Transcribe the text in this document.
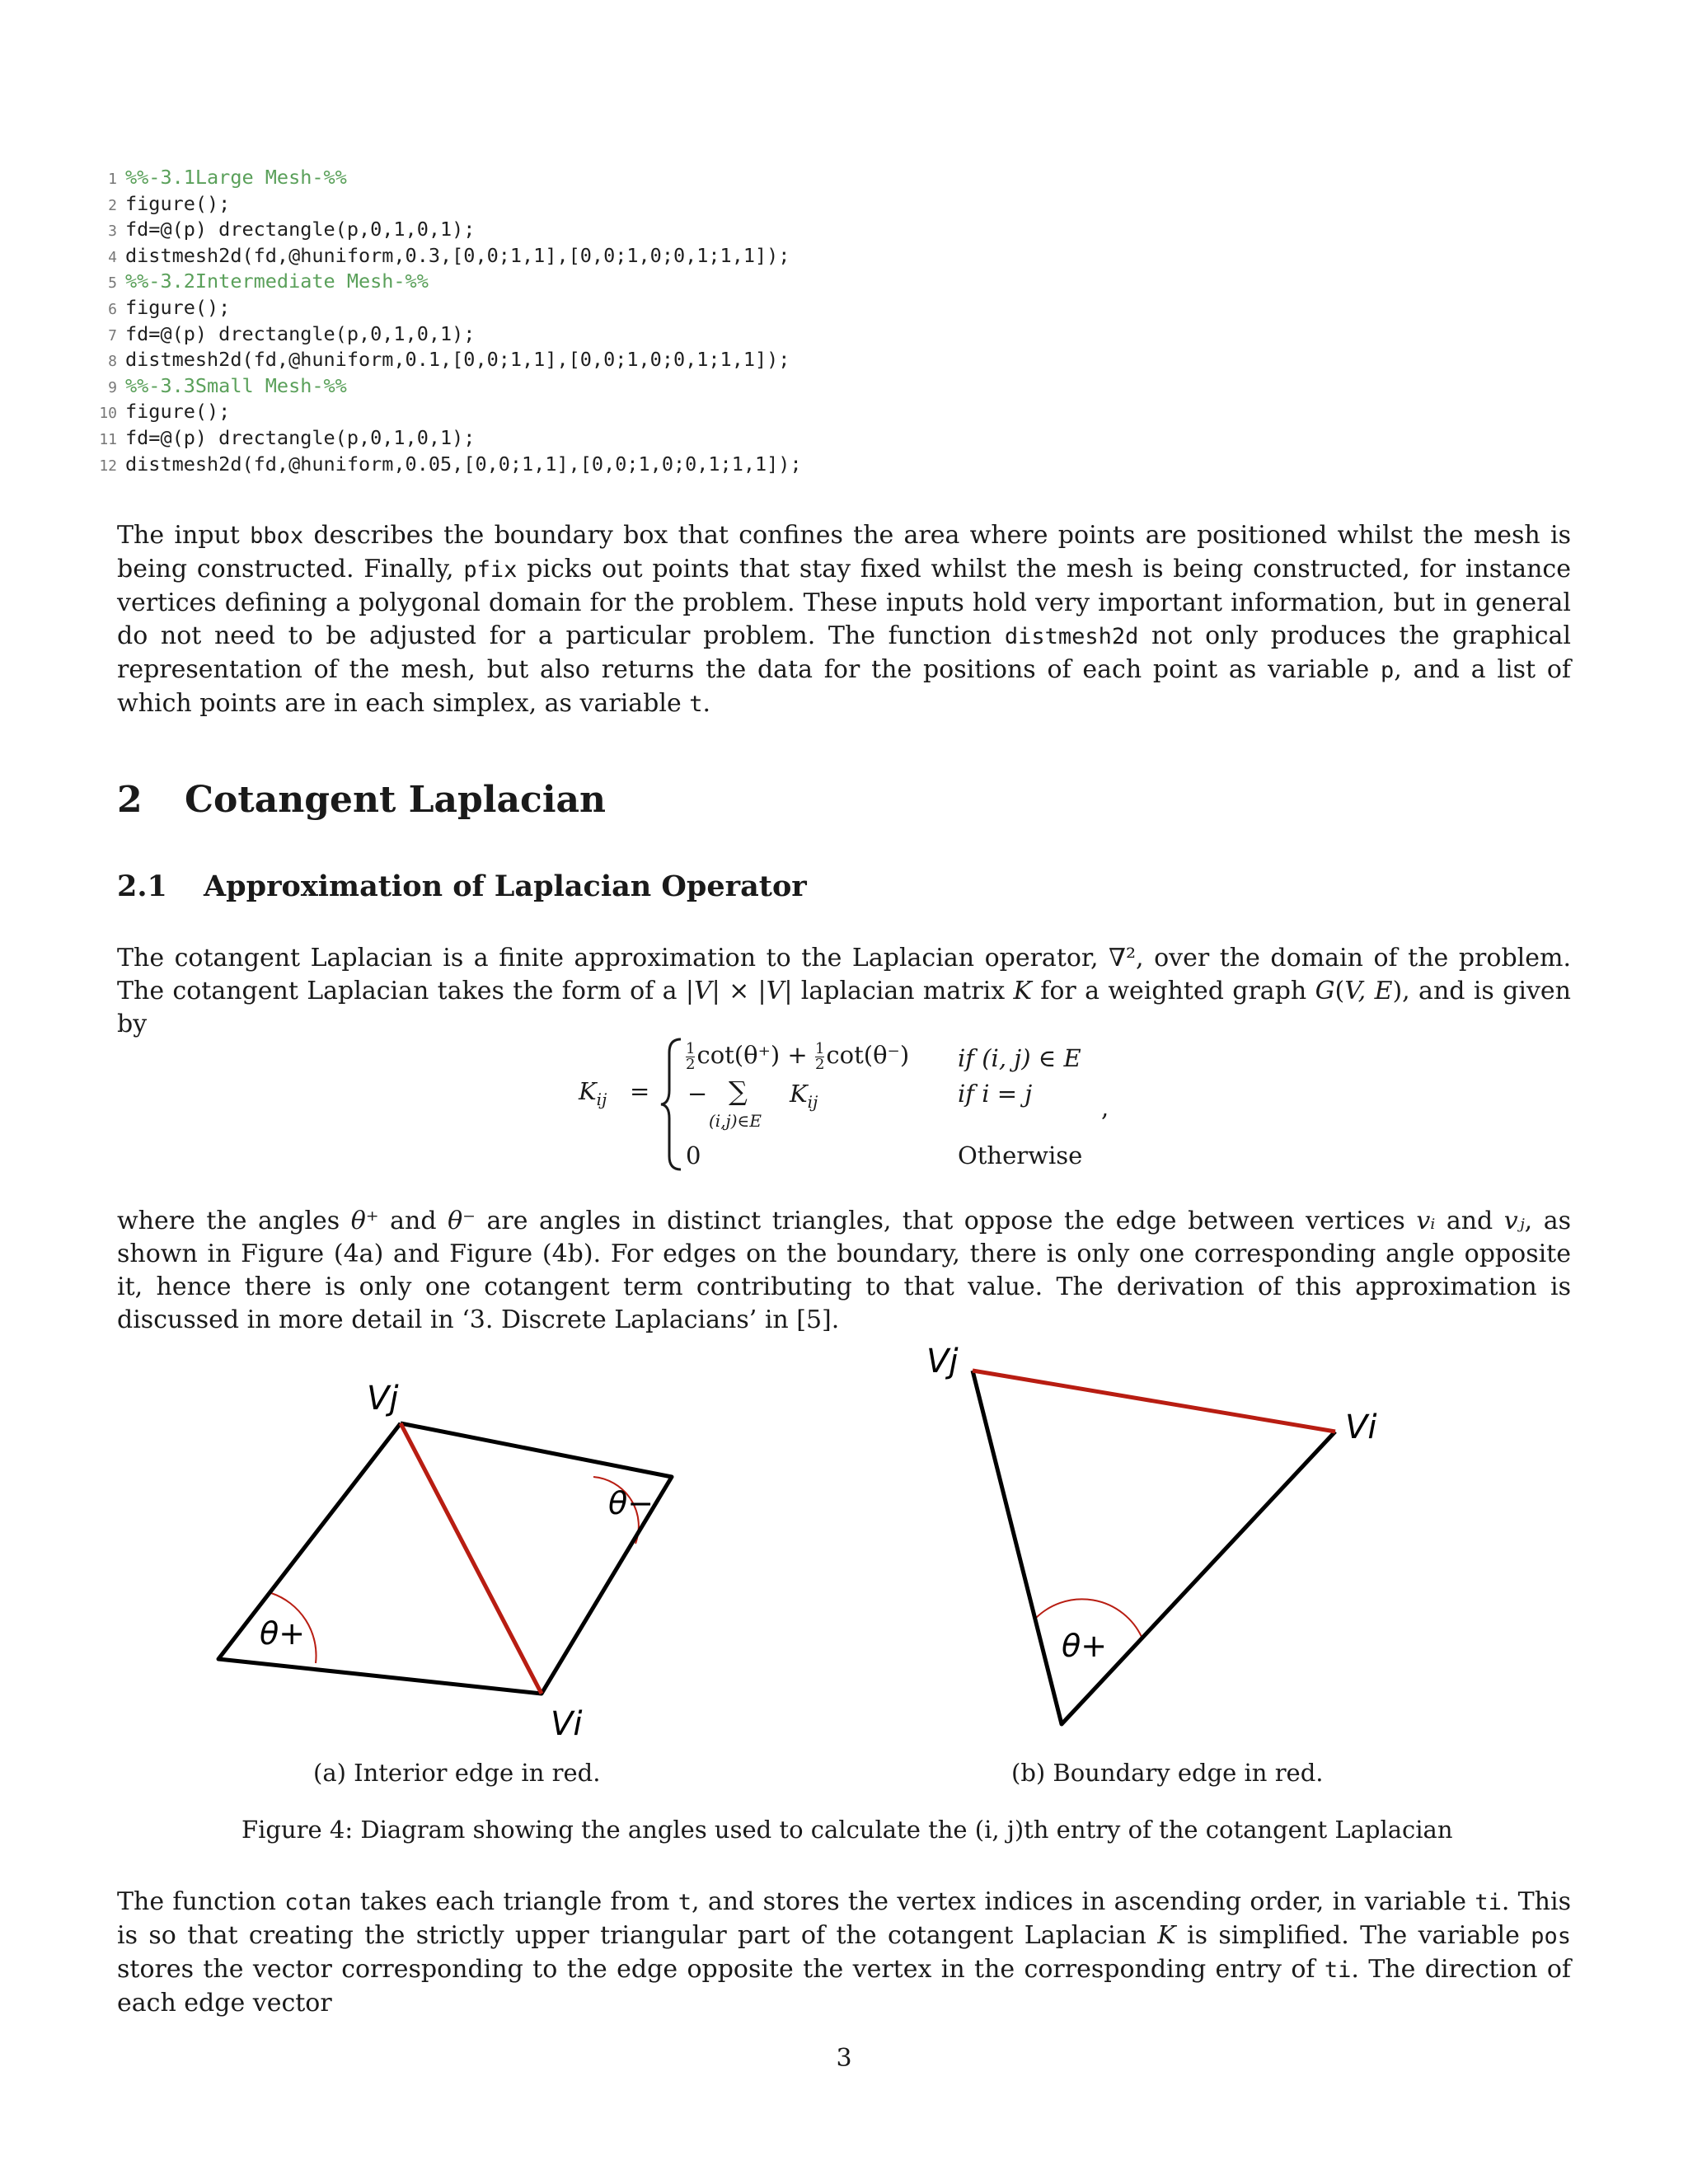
1 %%-3.1Large Mesh-%%
2 figure();
3 fd=@(p) drectangle(p,0,1,0,1);
4 distmesh2d(fd,@huniform,0.3,[0,0;1,1],[0,0;1,0;0,1;1,1]);
5 %%-3.2Intermediate Mesh-%%
6 figure();
7 fd=@(p) drectangle(p,0,1,0,1);
8 distmesh2d(fd,@huniform,0.1,[0,0;1,1],[0,0;1,0;0,1;1,1]);
9 %%-3.3Small Mesh-%%
10 figure();
11 fd=@(p) drectangle(p,0,1,0,1);
12 distmesh2d(fd,@huniform,0.05,[0,0;1,1],[0,0;1,0;0,1;1,1]);
The input bbox describes the boundary box that confines the area where points are positioned whilst the mesh is being constructed. Finally, pfix picks out points that stay fixed whilst the mesh is being constructed, for instance vertices defining a polygonal domain for the problem. These inputs hold very important information, but in general do not need to be adjusted for a particular problem. The function distmesh2d not only produces the graphical representation of the mesh, but also returns the data for the positions of each point as variable p, and a list of which points are in each simplex, as variable t.
2 Cotangent Laplacian
2.1 Approximation of Laplacian Operator
The cotangent Laplacian is a finite approximation to the Laplacian operator, ∇², over the domain of the problem. The cotangent Laplacian takes the form of a |V| × |V| laplacian matrix K for a weighted graph G(V, E), and is given by
$K_{ij}$ =
$\frac{1}{2} \cot(\theta^+) + \frac{1}{2} \cot(\theta^-)$ if (i, j) ∈ E
− ∑ $K_{ij}$
(i,j)∈E
if i = j
0	Otherwise
,
where the angles θ⁺ and θ⁻ are angles in distinct triangles, that oppose the edge between vertices vᵢ and vⱼ, as shown in Figure (4a) and Figure (4b). For edges on the boundary, there is only one corresponding angle opposite it, hence there is only one cotangent term contributing to that value. The derivation of this approximation is discussed in more detail in ‘3. Discrete Laplacians’ in [5].
Vj
Vi
θ+
θ−
(a) Interior edge in red.
Vj
Vi
θ+
(b) Boundary edge in red.
Figure 4: Diagram showing the angles used to calculate the (i, j)th entry of the cotangent Laplacian
The function cotan takes each triangle from t, and stores the vertex indices in ascending order, in variable ti. This is so that creating the strictly upper triangular part of the cotangent Laplacian K is simplified. The variable pos stores the vector corresponding to the edge opposite the vertex in the corresponding entry of ti. The direction of each edge vector
3
